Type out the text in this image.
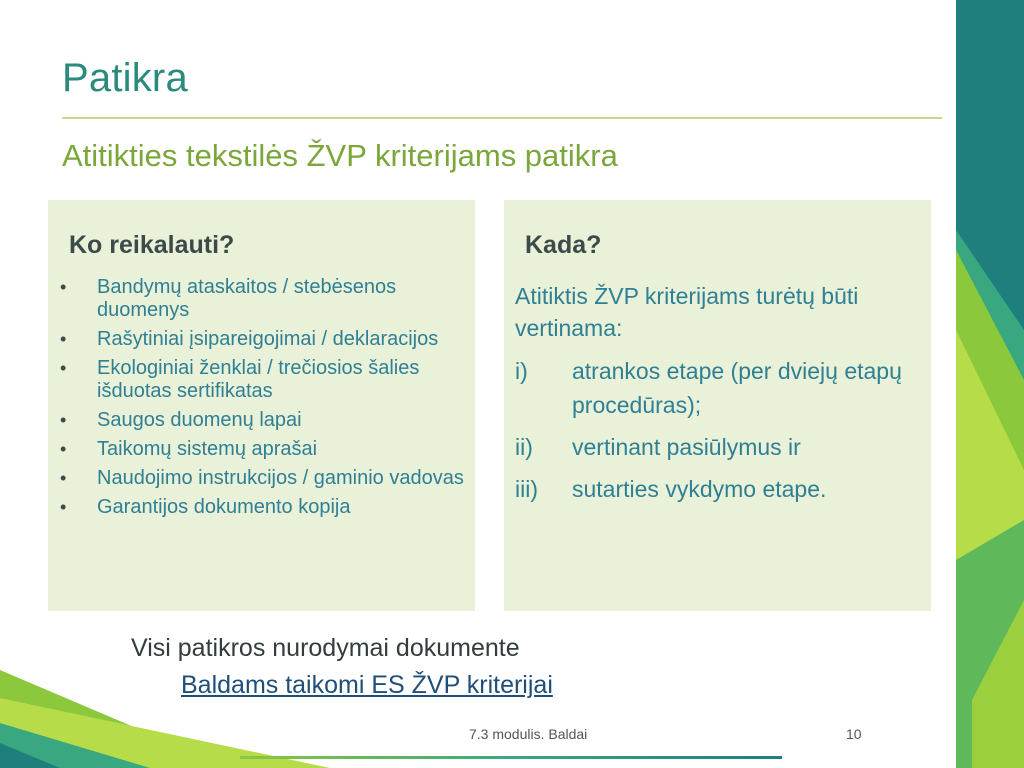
Patikra
Atitikties tekstilės ŽVP kriterijams patikra
Ko reikalauti?
• Bandymų ataskaitos / stebėsenos duomenys
• Rašytiniai įsipareigojimai / deklaracijos
• Ekologiniai ženklai / trečiosios šalies išduotas sertifikatas
• Saugos duomenų lapai
• Taikomų sistemų aprašai
• Naudojimo instrukcijos / gaminio vadovas
• Garantijos dokumento kopija
Kada?
Atitiktis ŽVP kriterijams turėtų būti vertinama:
i) atrankos etape (per dviejų etapų procedūras);
ii) vertinant pasiūlymus ir
iii) sutarties vykdymo etape.
Visi patikros nurodymai dokumente
Baldams taikomi ES ŽVP kriterijai
7.3 modulis. Baldai	10
